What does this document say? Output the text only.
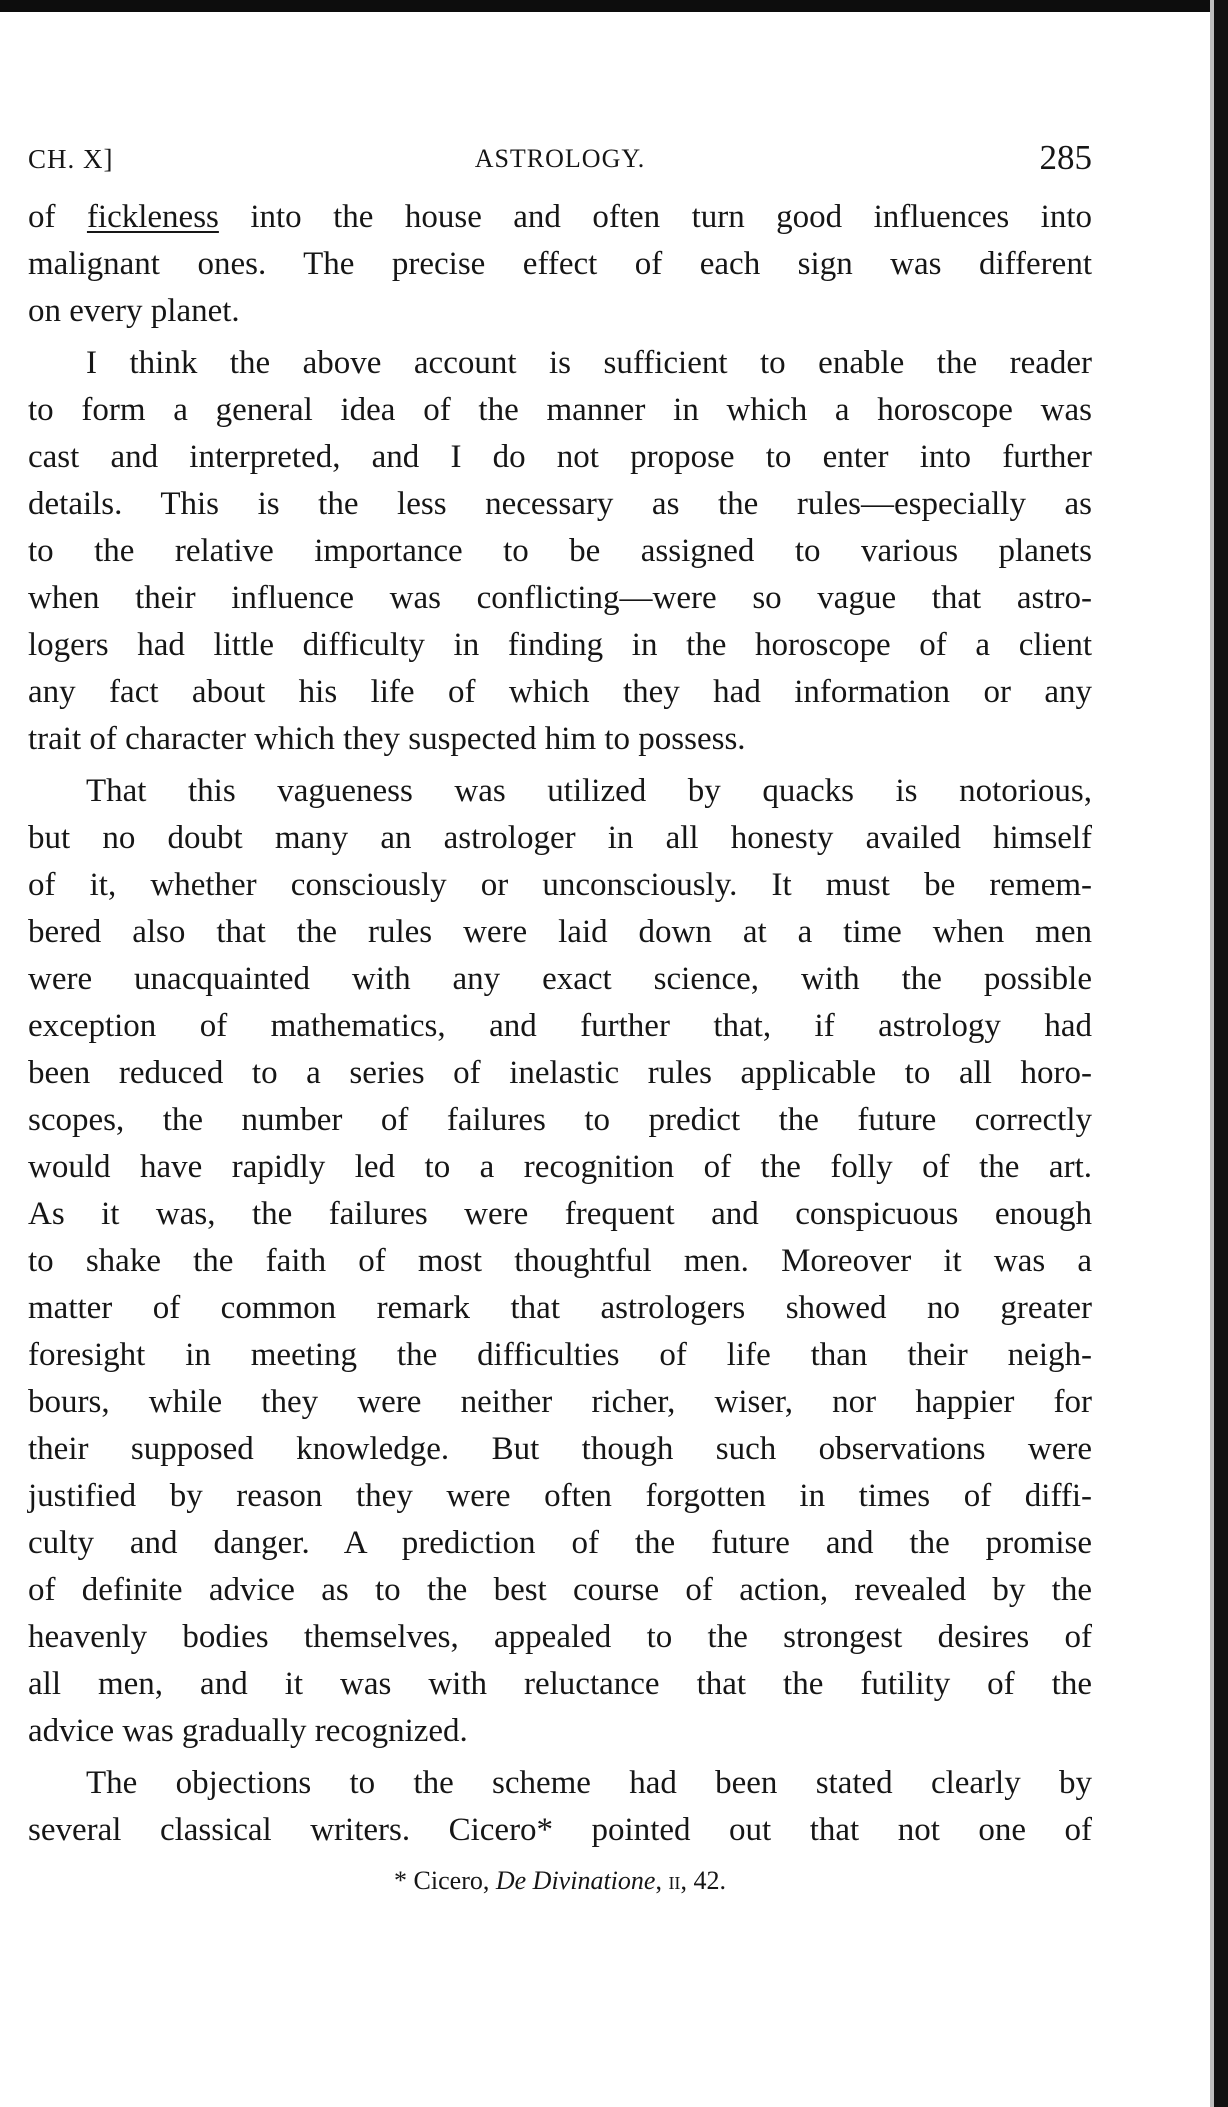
CH. X]	ASTROLOGY.	285

of fickleness into the house and often turn good influences into
malignant ones. The precise effect of each sign was different
on every planet.

I think the above account is sufficient to enable the reader
to form a general idea of the manner in which a horoscope was
cast and interpreted, and I do not propose to enter into further
details. This is the less necessary as the rules—especially as
to the relative importance to be assigned to various planets
when their influence was conflicting—were so vague that astro-
logers had little difficulty in finding in the horoscope of a client
any fact about his life of which they had information or any
trait of character which they suspected him to possess.

That this vagueness was utilized by quacks is notorious,
but no doubt many an astrologer in all honesty availed himself
of it, whether consciously or unconsciously. It must be remem-
bered also that the rules were laid down at a time when men
were unacquainted with any exact science, with the possible
exception of mathematics, and further that, if astrology had
been reduced to a series of inelastic rules applicable to all horo-
scopes, the number of failures to predict the future correctly
would have rapidly led to a recognition of the folly of the art.
As it was, the failures were frequent and conspicuous enough
to shake the faith of most thoughtful men. Moreover it was a
matter of common remark that astrologers showed no greater
foresight in meeting the difficulties of life than their neigh-
bours, while they were neither richer, wiser, nor happier for
their supposed knowledge. But though such observations were
justified by reason they were often forgotten in times of diffi-
culty and danger. A prediction of the future and the promise
of definite advice as to the best course of action, revealed by the
heavenly bodies themselves, appealed to the strongest desires of
all men, and it was with reluctance that the futility of the
advice was gradually recognized.

The objections to the scheme had been stated clearly by
several classical writers. Cicero* pointed out that not one of

* Cicero, De Divinatione, ii, 42.
